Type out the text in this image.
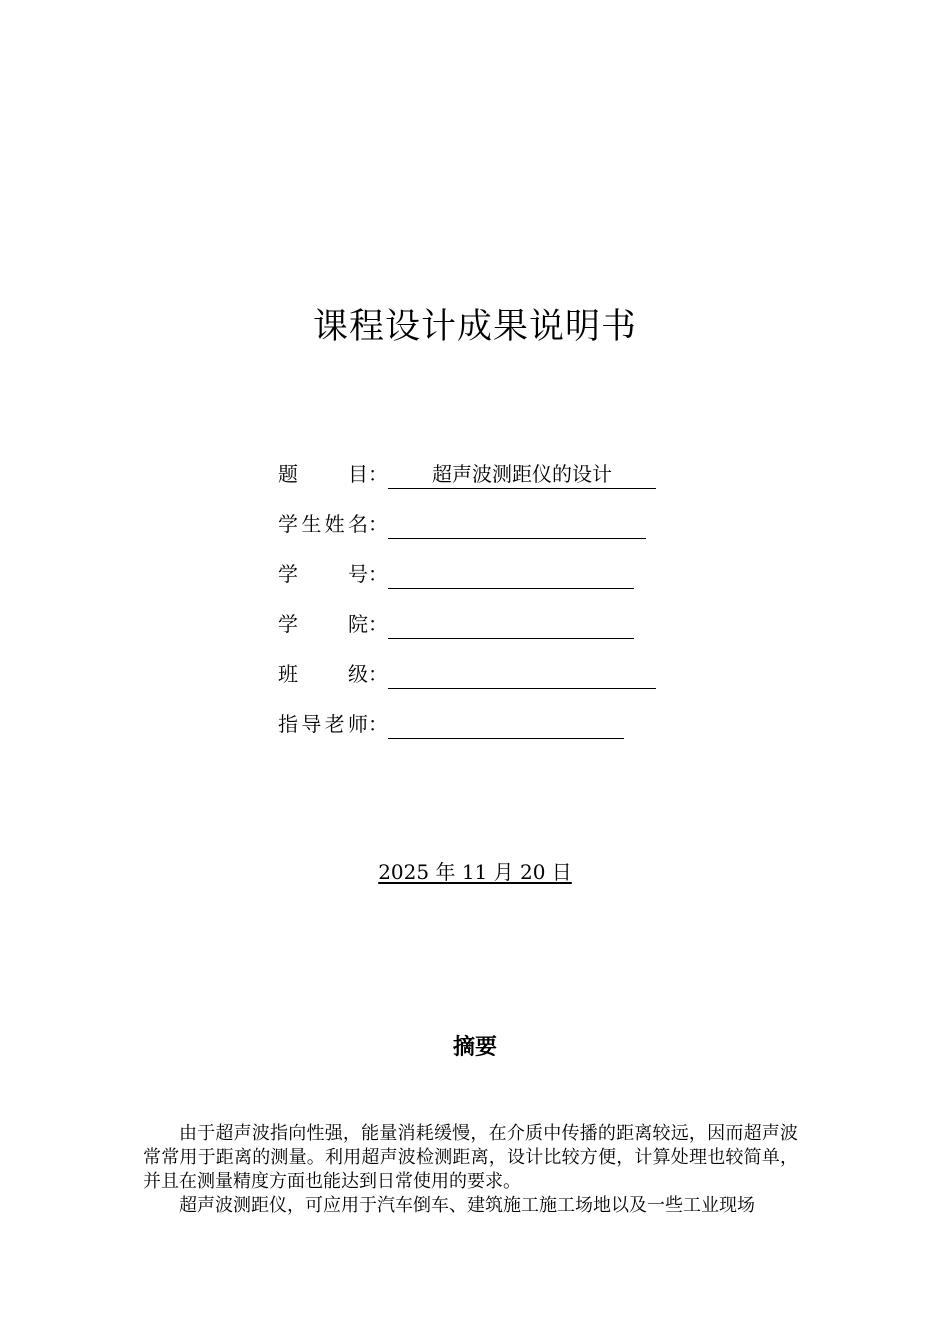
课程设计成果说明书
题	目 ：	超声波测距仪的设计
学 生 姓 名 ：
学	号 ：
学	院 ：
班	级 ：
指 导 老 师 ：
2025 年 11 月 20 日
摘要

由于超声波指向性强，能量消耗缓慢，在介质中传播的距离较远，因而超声波常常用于距离的测量。利用超声波检测距离，设计比较方便，计算处理也较简单，并且在测量精度方面也能达到日常使用的要求。

超声波测距仪，可应用于汽车倒车、建筑施工施工场地以及一些工业现场
